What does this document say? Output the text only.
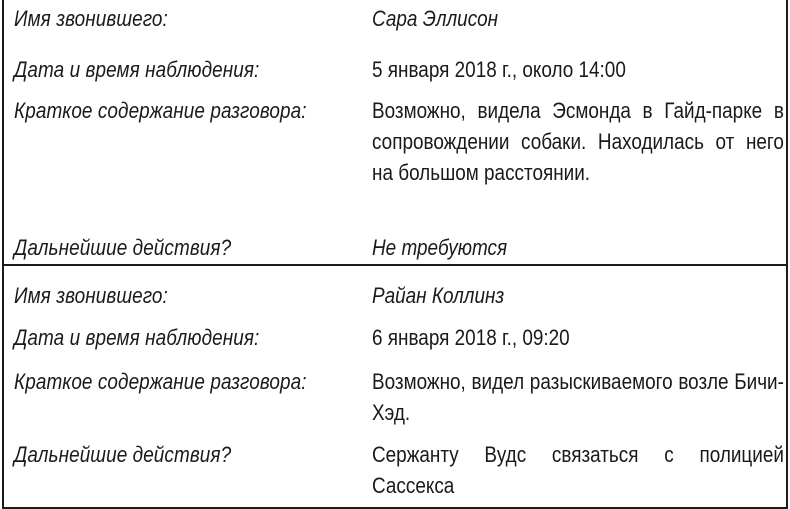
Имя звонившего:	Сара Эллисон
Дата и время наблюдения:	5 января 2018 г., около 14:00
Краткое содержание разговора:	Возможно, видела Эсмонда в Гайд-парке в сопровождении собаки. Находилась от него на большом расстоянии.
Дальнейшие действия?	Не требуются
Имя звонившего:	Райан Коллинз
Дата и время наблюдения:	6 января 2018 г., 09:20
Краткое содержание разговора:	Возможно, видел разыскиваемого возле Бичи-Хэд.
Дальнейшие действия?	Сержанту Вудс связаться с полицией Сассекса
